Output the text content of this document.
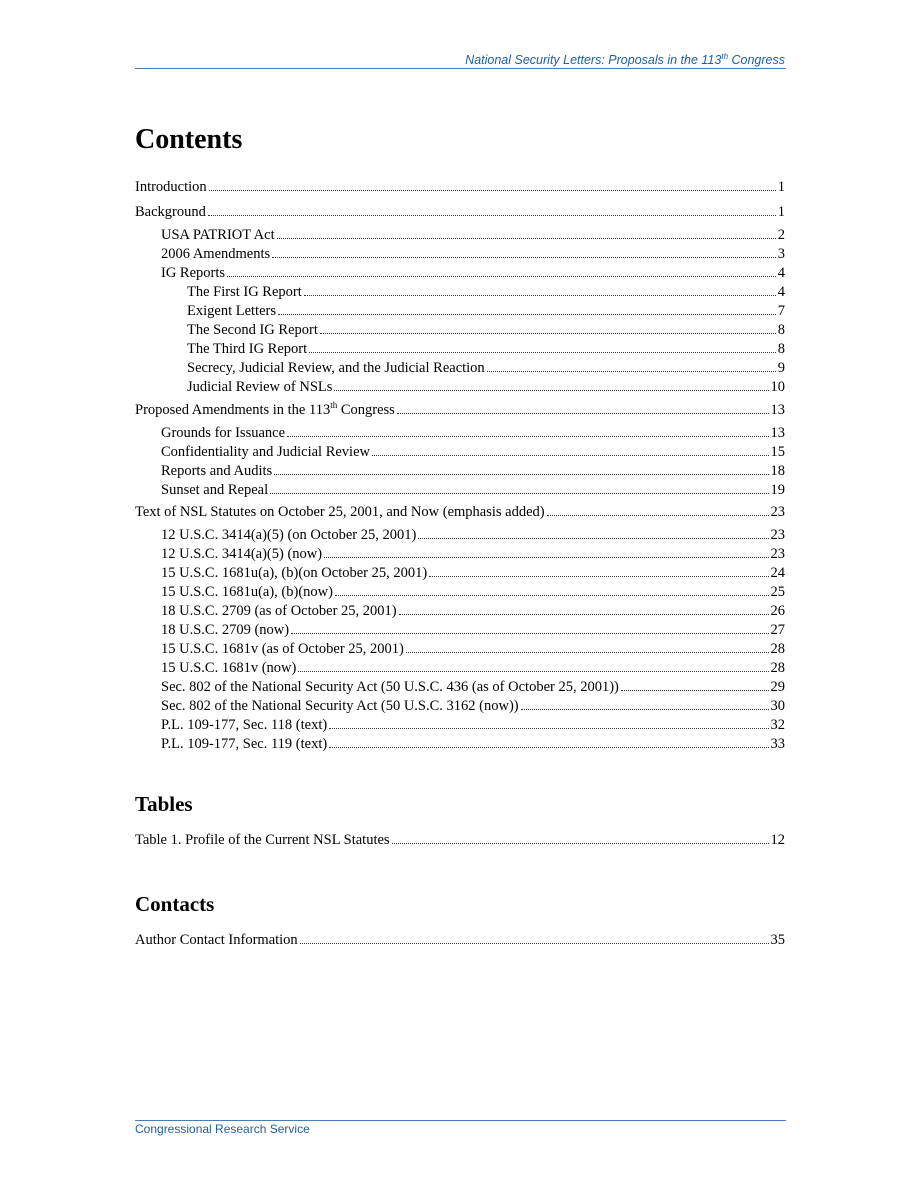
National Security Letters: Proposals in the 113th Congress
Contents
Introduction	1
Background	1
USA PATRIOT Act	2
2006 Amendments	3
IG Reports	4
The First IG Report	4
Exigent Letters	7
The Second IG Report	8
The Third IG Report	8
Secrecy, Judicial Review, and the Judicial Reaction	9
Judicial Review of NSLs	10
Proposed Amendments in the 113th Congress	13
Grounds for Issuance	13
Confidentiality and Judicial Review	15
Reports and Audits	18
Sunset and Repeal	19
Text of NSL Statutes on October 25, 2001, and Now (emphasis added)	23
12 U.S.C. 3414(a)(5) (on October 25, 2001)	23
12 U.S.C. 3414(a)(5) (now)	23
15 U.S.C. 1681u(a), (b)(on October 25, 2001)	24
15 U.S.C. 1681u(a), (b)(now)	25
18 U.S.C. 2709 (as of October 25, 2001)	26
18 U.S.C. 2709 (now)	27
15 U.S.C. 1681v (as of October 25, 2001)	28
15 U.S.C. 1681v (now)	28
Sec. 802 of the National Security Act (50 U.S.C. 436 (as of October 25, 2001))	29
Sec. 802 of the National Security Act (50 U.S.C. 3162 (now))	30
P.L. 109-177, Sec. 118 (text)	32
P.L. 109-177, Sec. 119 (text)	33
Tables
Table 1. Profile of the Current NSL Statutes	12
Contacts
Author Contact Information	35
Congressional Research Service
